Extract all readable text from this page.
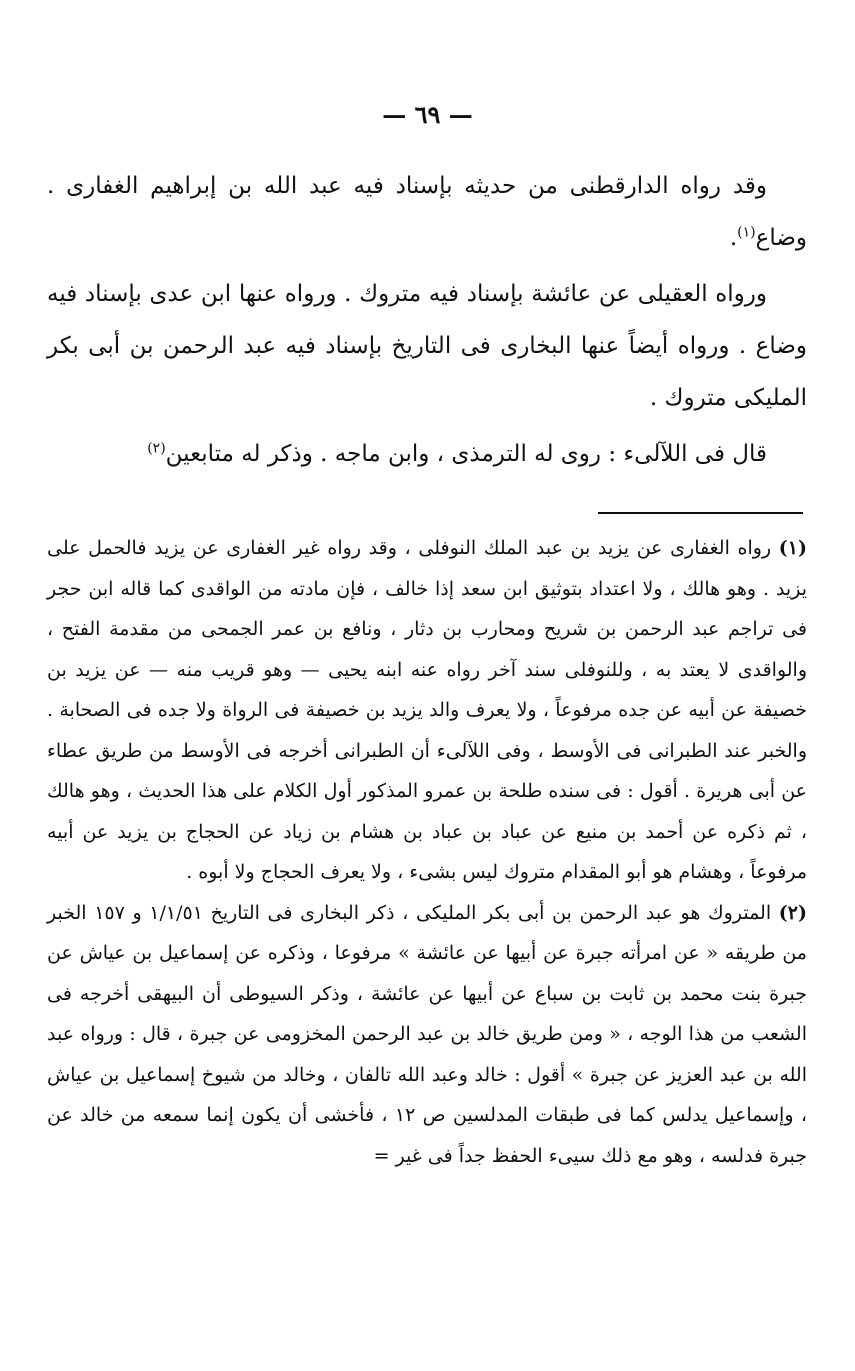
— ٦٩ —

وقد رواه الدارقطنى من حديثه بإسناد فيه عبد الله بن إبراهيم الغفارى . وضاع$^{(١)}$.

ورواه العقيلى عن عائشة بإسناد فيه متروك . ورواه عنها ابن عدى بإسناد فيه وضاع . ورواه أيضاً عنها البخارى فى التاريخ بإسناد فيه عبد الرحمن بن أبى بكر المليكى متروك .

قال فى اللآلىء : روى له الترمذى ، وابن ماجه . وذكر له متابعين$^{(٢)}$

(١) رواه الغفارى عن يزيد بن عبد الملك النوفلى ، وقد رواه غير الغفارى عن يزيد فالحمل على يزيد . وهو هالك ، ولا اعتداد بتوثيق ابن سعد إذا خالف ، فإن مادته من الواقدى كما قاله ابن حجر فى تراجم عبد الرحمن بن شريح ومحارب بن دثار ، ونافع بن عمر الجمحى من مقدمة الفتح ، والواقدى لا يعتد به ، وللنوفلى سند آخر رواه عنه ابنه يحيى — وهو قريب منه — عن يزيد بن خصيفة عن أبيه عن جده مرفوعاً ، ولا يعرف والد يزيد بن خصيفة فى الرواة ولا جده فى الصحابة . والخبر عند الطبرانى فى الأوسط ، وفى اللآلىء أن الطبرانى أخرجه فى الأوسط من طريق عطاء عن أبى هريرة . أقول : فى سنده طلحة بن عمرو المذكور أول الكلام على هذا الحديث ، وهو هالك ، ثم ذكره عن أحمد بن منيع عن عباد بن عباد بن هشام بن زياد عن الحجاج بن يزيد عن أبيه مرفوعاً ، وهشام هو أبو المقدام متروك ليس بشىء ، ولا يعرف الحجاج ولا أبوه .

(٢) المتروك هو عبد الرحمن بن أبى بكر المليكى ، ذكر البخارى فى التاريخ ١/١/٥١ و ١٥٧ الخبر من طريقه « عن امرأته جبرة عن أبيها عن عائشة » مرفوعا ، وذكره عن إسماعيل بن عياش عن جبرة بنت محمد بن ثابت بن سباع عن أبيها عن عائشة ، وذكر السيوطى أن البيهقى أخرجه فى الشعب من هذا الوجه ، « ومن طريق خالد بن عبد الرحمن المخزومى عن جبرة ، قال : ورواه عبد الله بن عبد العزيز عن جبرة » أقول : خالد وعبد الله تالفان ، وخالد من شيوخ إسماعيل بن عياش ، وإسماعيل يدلس كما فى طبقات المدلسين ص ١٢ ، فأخشى أن يكون إنما سمعه من خالد عن جبرة فدلسه ، وهو مع ذلك سيىء الحفظ جداً فى غير =
